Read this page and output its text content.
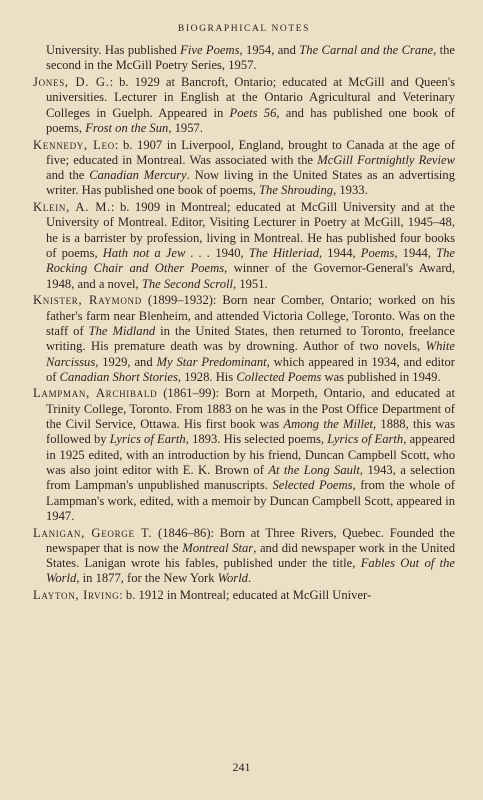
BIOGRAPHICAL NOTES

University. Has published Five Poems, 1954, and The Carnal and the Crane, the second in the McGill Poetry Series, 1957.

Jones, D. G.: b. 1929 at Bancroft, Ontario; educated at McGill and Queen's universities. Lecturer in English at the Ontario Agricultural and Veterinary Colleges in Guelph. Appeared in Poets 56, and has published one book of poems, Frost on the Sun, 1957.

Kennedy, Leo: b. 1907 in Liverpool, England, brought to Canada at the age of five; educated in Montreal. Was associated with the McGill Fortnightly Review and the Canadian Mercury. Now living in the United States as an advertising writer. Has published one book of poems, The Shrouding, 1933.

Klein, A. M.: b. 1909 in Montreal; educated at McGill University and at the University of Montreal. Editor, Visiting Lecturer in Poetry at McGill, 1945–48, he is a barrister by profession, living in Montreal. He has published four books of poems, Hath not a Jew . . . 1940, The Hitleriad, 1944, Poems, 1944, The Rocking Chair and Other Poems, winner of the Governor-General's Award, 1948, and a novel, The Second Scroll, 1951.

Knister, Raymond (1899–1932): Born near Comber, Ontario; worked on his father's farm near Blenheim, and attended Victoria College, Toronto. Was on the staff of The Midland in the United States, then returned to Toronto, freelance writing. His premature death was by drowning. Author of two novels, White Narcissus, 1929, and My Star Predominant, which appeared in 1934, and editor of Canadian Short Stories, 1928. His Collected Poems was published in 1949.

Lampman, Archibald (1861–99): Born at Morpeth, Ontario, and educated at Trinity College, Toronto. From 1883 on he was in the Post Office Department of the Civil Service, Ottawa. His first book was Among the Millet, 1888, this was followed by Lyrics of Earth, 1893. His selected poems, Lyrics of Earth, appeared in 1925 edited, with an introduction by his friend, Duncan Campbell Scott, who was also joint editor with E. K. Brown of At the Long Sault, 1943, a selection from Lampman's unpublished manuscripts. Selected Poems, from the whole of Lampman's work, edited, with a memoir by Duncan Campbell Scott, appeared in 1947.

Lanigan, George T. (1846–86): Born at Three Rivers, Quebec. Founded the newspaper that is now the Montreal Star, and did newspaper work in the United States. Lanigan wrote his fables, published under the title, Fables Out of the World, in 1877, for the New York World.

Layton, Irving: b. 1912 in Montreal; educated at McGill Univer-

241
